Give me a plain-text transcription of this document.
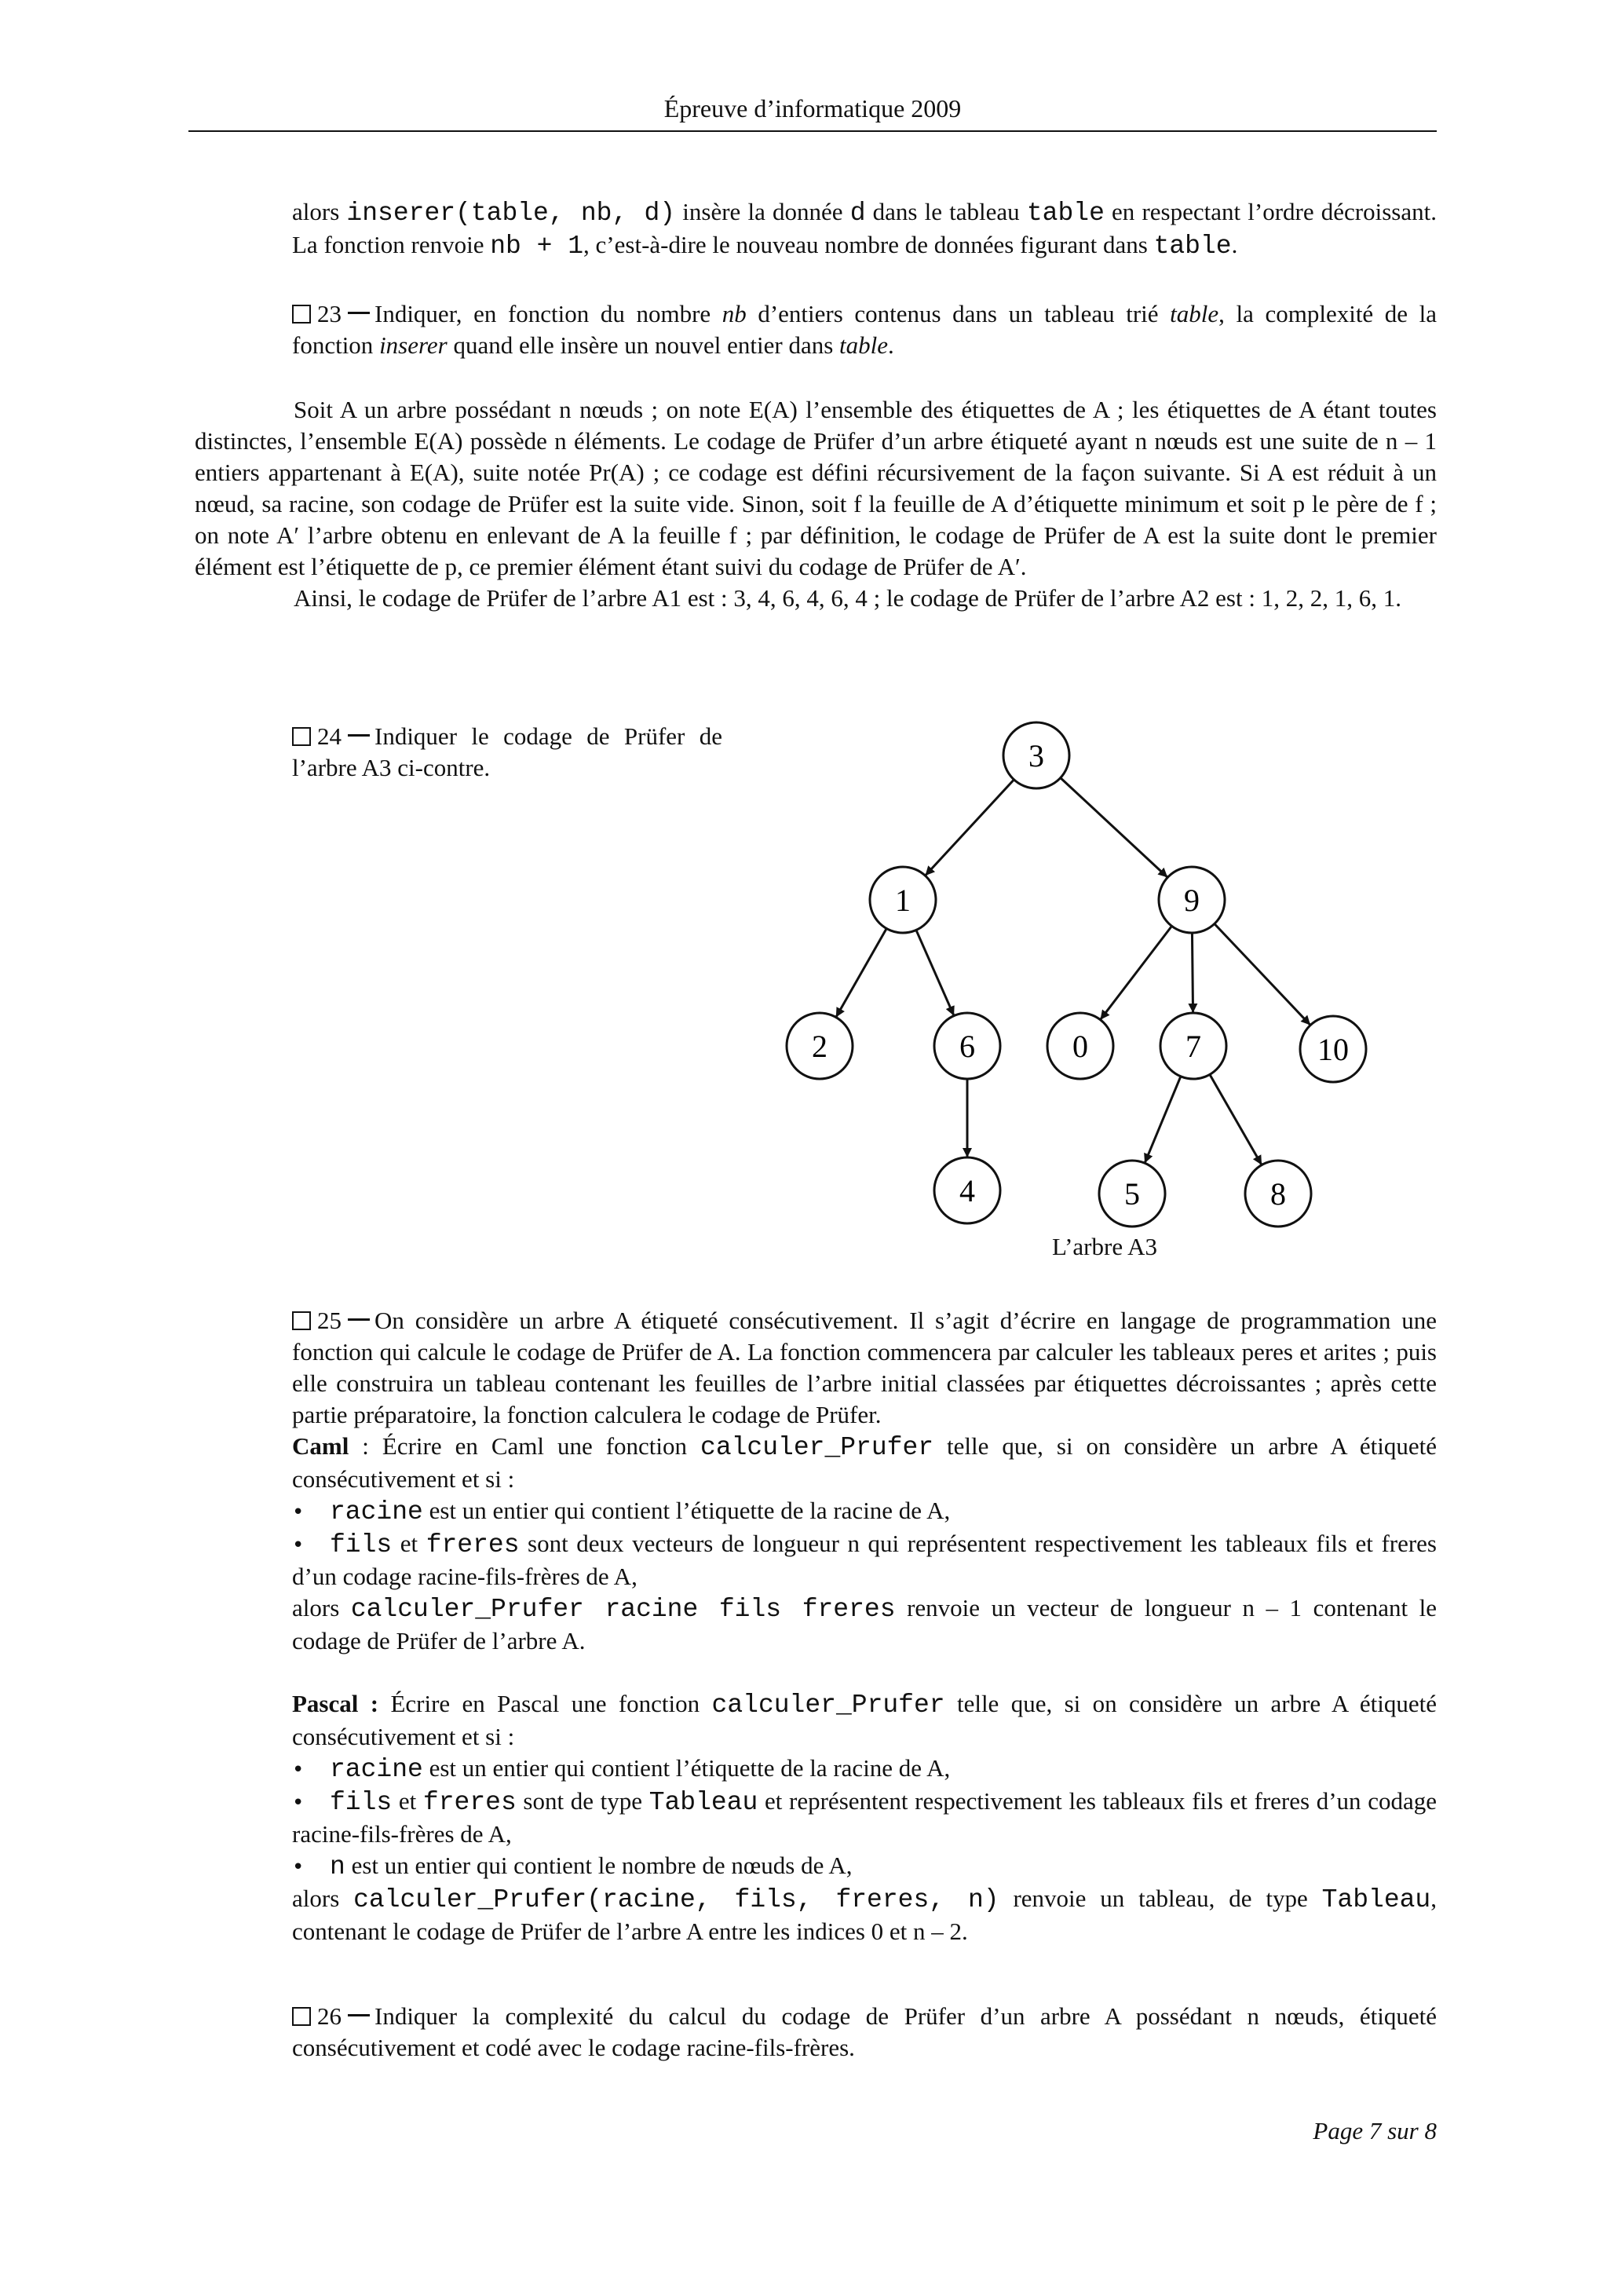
Épreuve d’informatique 2009

alors inserer(table, nb, d) insère la donnée d dans le tableau table en respectant l’ordre décroissant. La fonction renvoie nb + 1, c’est-à-dire le nouveau nombre de données figurant dans table.

23 Indiquer, en fonction du nombre nb d’entiers contenus dans un tableau trié table, la complexité de la fonction inserer quand elle insère un nouvel entier dans table.

Soit A un arbre possédant n nœuds ; on note E(A) l’ensemble des étiquettes de A ; les étiquettes de A étant toutes distinctes, l’ensemble E(A) possède n éléments. Le codage de Prüfer d’un arbre étiqueté ayant n nœuds est une suite de n – 1 entiers appartenant à E(A), suite notée Pr(A) ; ce codage est défini récursivement de la façon suivante. Si A est réduit à un nœud, sa racine, son codage de Prüfer est la suite vide. Sinon, soit f la feuille de A d’étiquette minimum et soit p le père de f ; on note A′ l’arbre obtenu en enlevant de A la feuille f ; par définition, le codage de Prüfer de A est la suite dont le premier élément est l’étiquette de p, ce premier élément étant suivi du codage de Prüfer de A′.

Ainsi, le codage de Prüfer de l’arbre A1 est : 3, 4, 6, 4, 6, 4 ; le codage de Prüfer de l’arbre A2 est : 1, 2, 2, 1, 6, 1.

24 Indiquer le codage de Prüfer de l’arbre A3 ci-contre.	3
1	9
2	6	0	7	10
4	5	8
L’arbre A3

25 On considère un arbre A étiqueté consécutivement. Il s’agit d’écrire en langage de programmation une fonction qui calcule le codage de Prüfer de A. La fonction commencera par calculer les tableaux peres et arites ; puis elle construira un tableau contenant les feuilles de l’arbre initial classées par étiquettes décroissantes ; après cette partie préparatoire, la fonction calculera le codage de Prüfer.

Caml : Écrire en Caml une fonction calculer_Prufer telle que, si on considère un arbre A étiqueté consécutivement et si :

• racine est un entier qui contient l’étiquette de la racine de A,

• fils et freres sont deux vecteurs de longueur n qui représentent respectivement les tableaux fils et freres d’un codage racine-fils-frères de A,

alors calculer_Prufer racine fils freres renvoie un vecteur de longueur n – 1 contenant le codage de Prüfer de l’arbre A.

Pascal : Écrire en Pascal une fonction calculer_Prufer telle que, si on considère un arbre A étiqueté consécutivement et si :

• racine est un entier qui contient l’étiquette de la racine de A,

• fils et freres sont de type Tableau et représentent respectivement les tableaux fils et freres d’un codage racine-fils-frères de A,

• n est un entier qui contient le nombre de nœuds de A,

alors calculer_Prufer(racine, fils, freres, n) renvoie un tableau, de type Tableau, contenant le codage de Prüfer de l’arbre A entre les indices 0 et n – 2.

26 Indiquer la complexité du calcul du codage de Prüfer d’un arbre A possédant n nœuds, étiqueté consécutivement et codé avec le codage racine-fils-frères.

Page 7 sur 8
